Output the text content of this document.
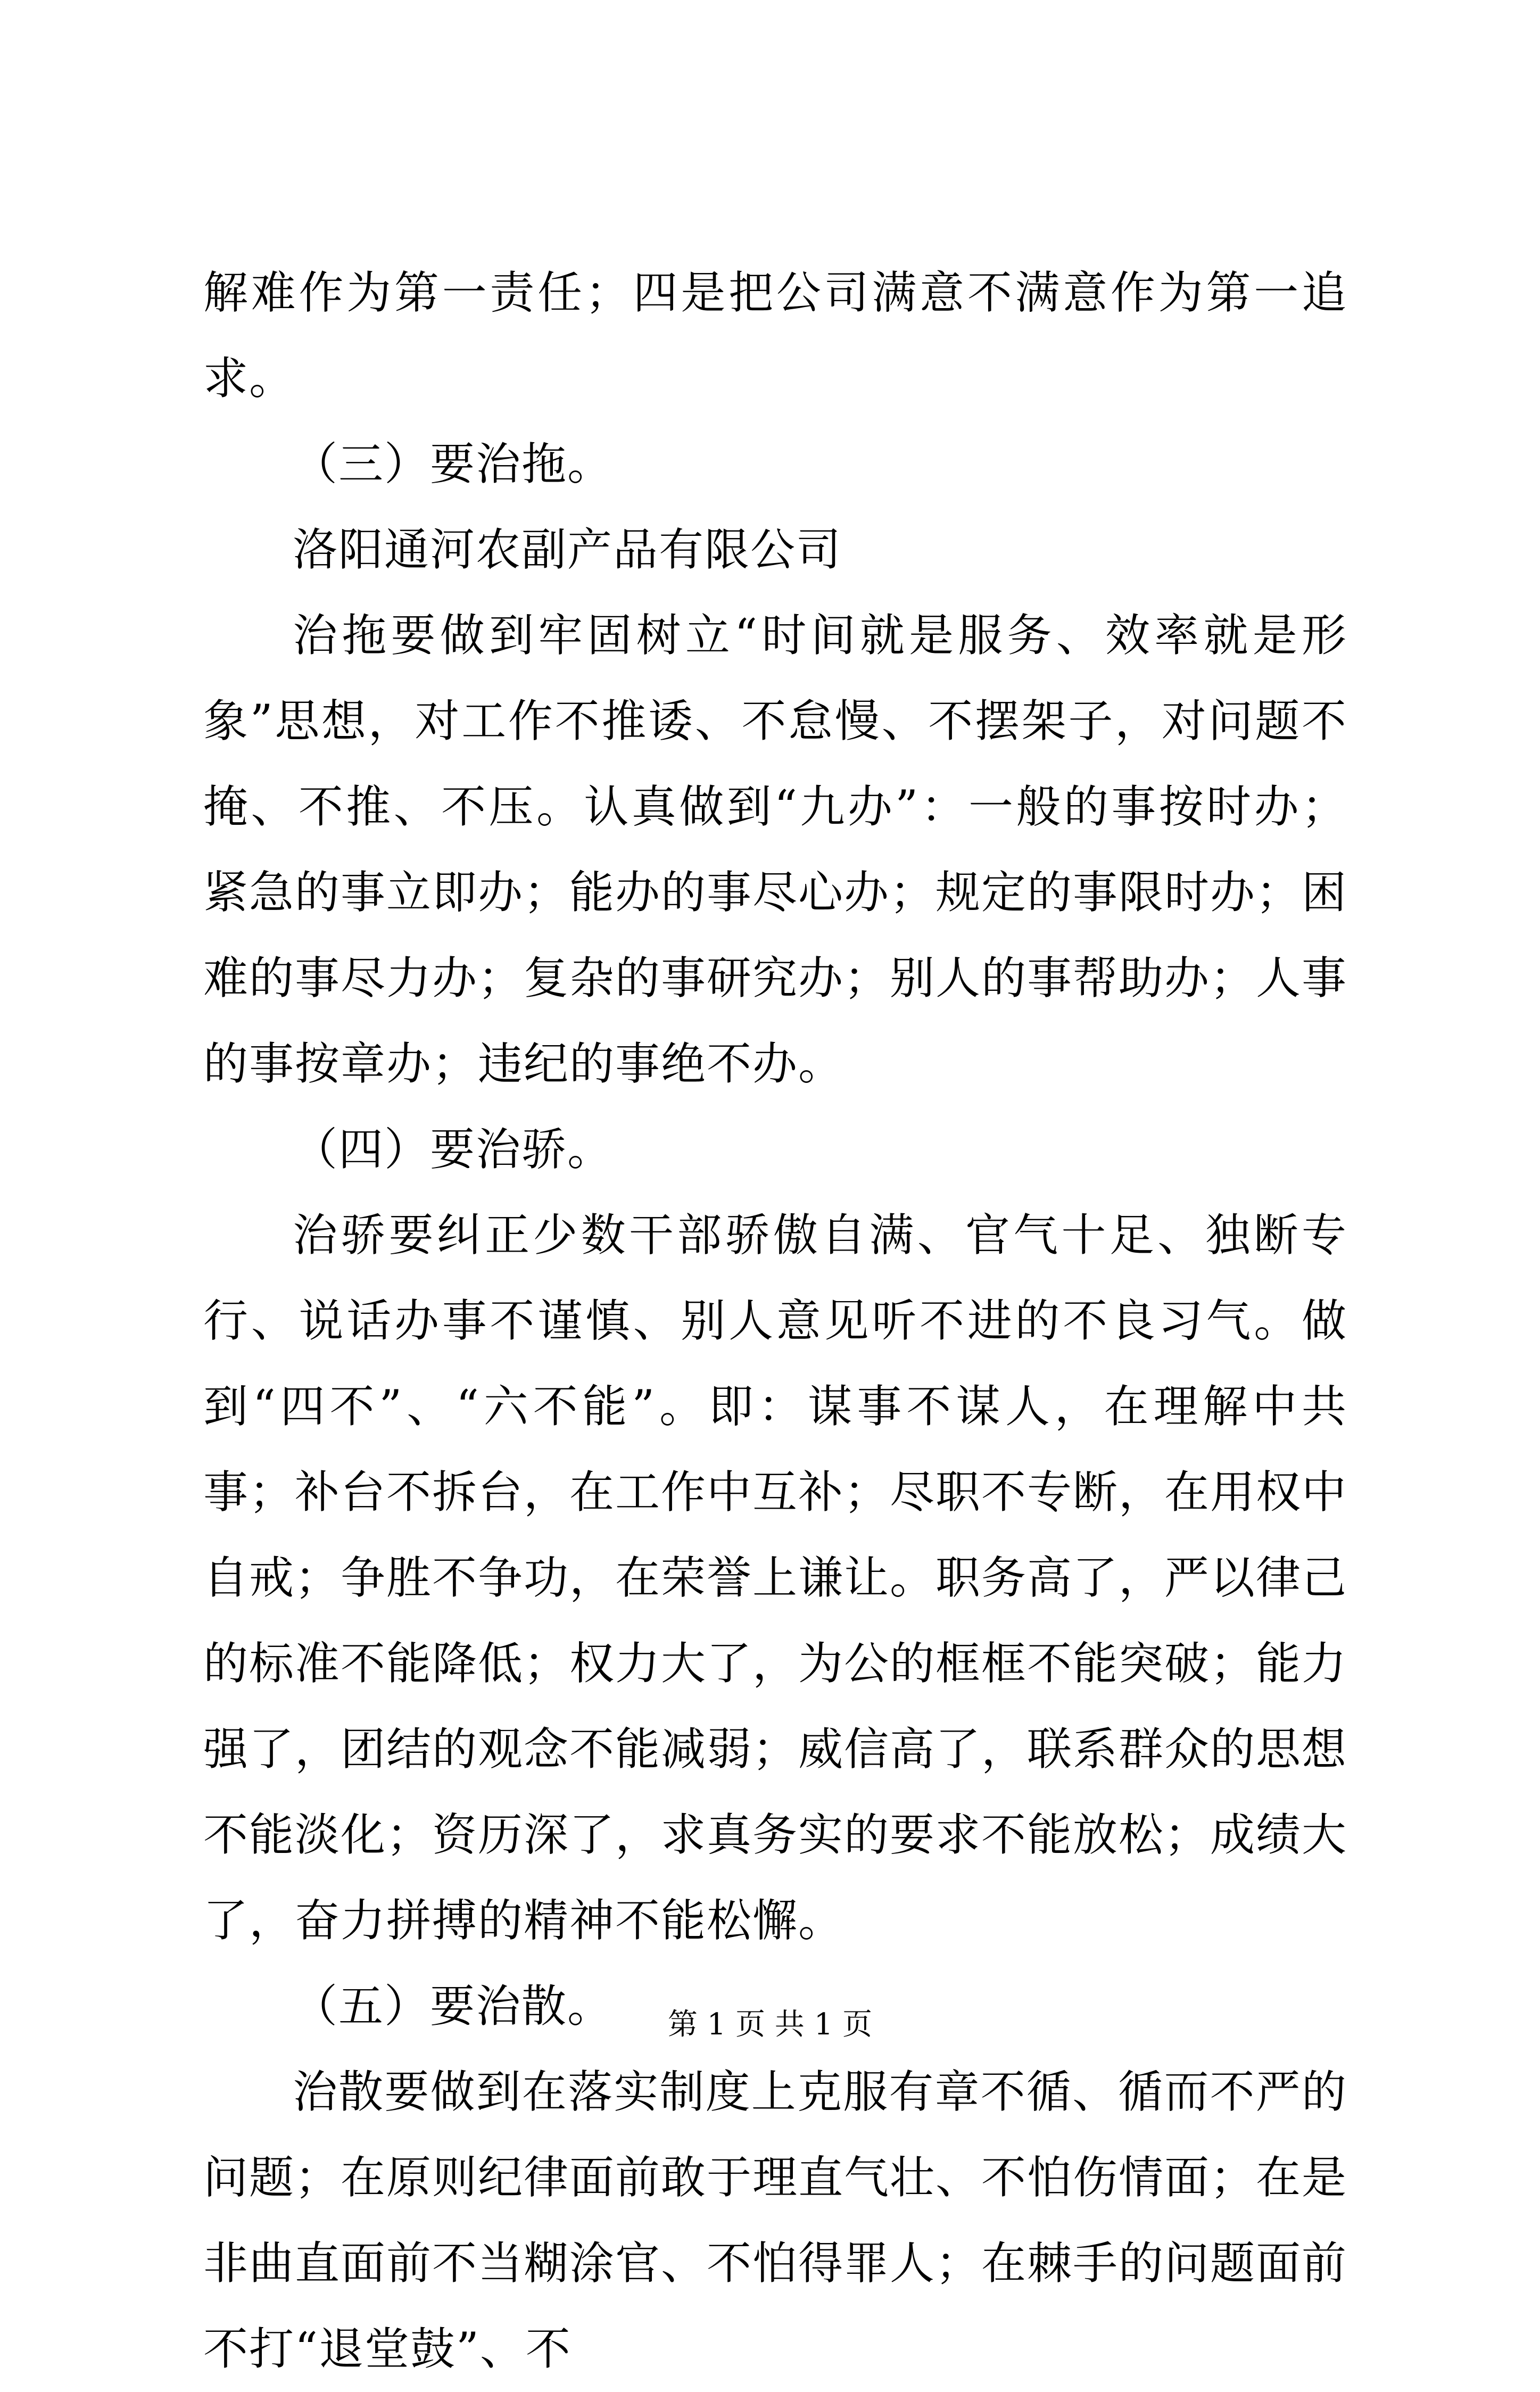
解难作为第一责任；四是把公司满意不满意作为第一追求。

（三）要治拖。

洛阳通河农副产品有限公司

治拖要做到牢固树立“时间就是服务、效率就是形象”思想，对工作不推诿、不怠慢、不摆架子，对问题不掩、不推、不压。认真做到“九办”：一般的事按时办；紧急的事立即办；能办的事尽心办；规定的事限时办；困难的事尽力办；复杂的事研究办；别人的事帮助办；人事的事按章办；违纪的事绝不办。

（四）要治骄。

治骄要纠正少数干部骄傲自满、官气十足、独断专行、说话办事不谨慎、别人意见听不进的不良习气。做到“四不”、“六不能”。即：谋事不谋人，在理解中共事；补台不拆台，在工作中互补；尽职不专断，在用权中自戒；争胜不争功，在荣誉上谦让。职务高了，严以律己的标准不能降低；权力大了，为公的框框不能突破；能力强了，团结的观念不能减弱；威信高了，联系群众的思想不能淡化；资历深了，求真务实的要求不能放松；成绩大了，奋力拼搏的精神不能松懈。

（五）要治散。

治散要做到在落实制度上克服有章不循、循而不严的问题；在原则纪律面前敢于理直气壮、不怕伤情面；在是非曲直面前不当糊涂官、不怕得罪人；在棘手的问题面前不打“退堂鼓”、不

第 1 页 共 1 页
